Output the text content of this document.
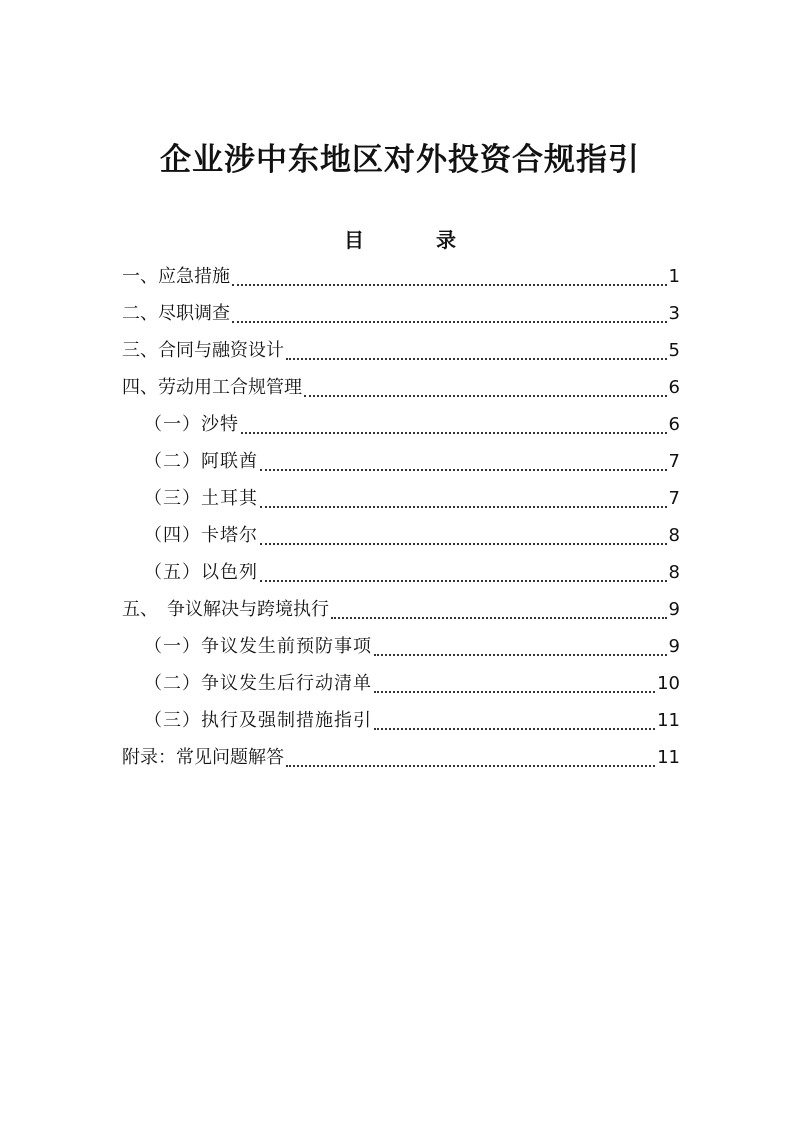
企业涉中东地区对外投资合规指引
目　录
一、应急措施	1
二、尽职调查	3
三、合同与融资设计	5
四、劳动用工合规管理	6
（一）沙特	6
（二）阿联酋	7
（三）土耳其	7
（四）卡塔尔	8
（五）以色列	8
五、　争议解决与跨境执行	9
（一）争议发生前预防事项	9
（二）争议发生后行动清单	10
（三）执行及强制措施指引	11
附录：常见问题解答	11
